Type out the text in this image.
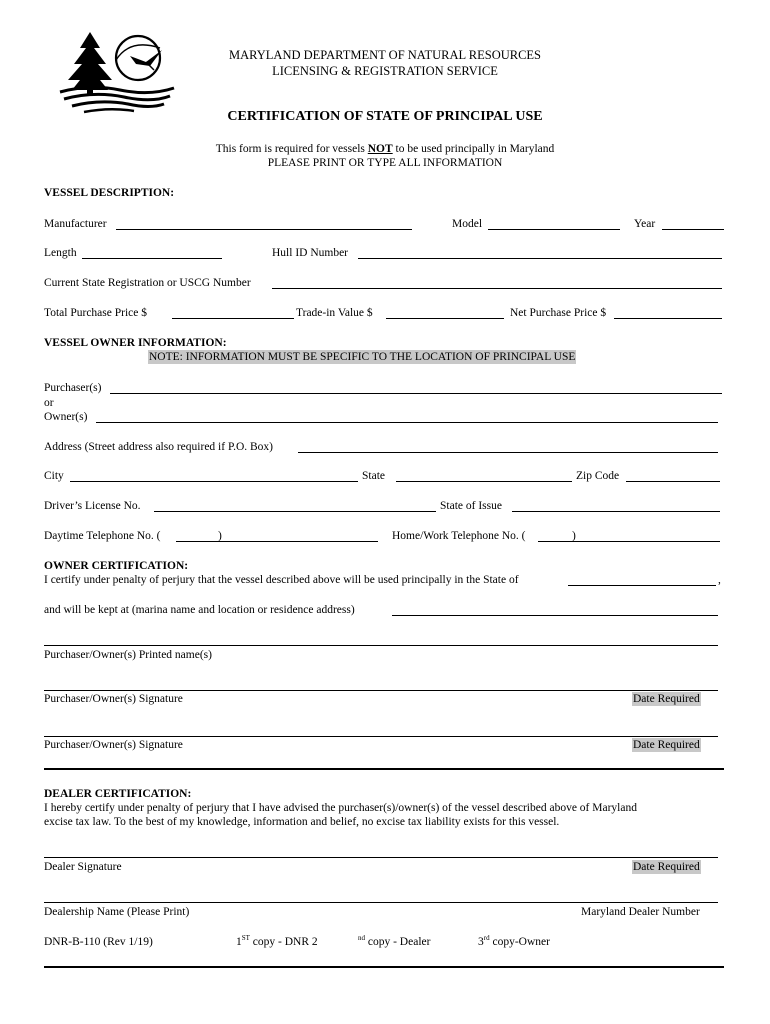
MARYLAND DEPARTMENT OF NATURAL RESOURCES
LICENSING & REGISTRATION SERVICE
CERTIFICATION OF STATE OF PRINCIPAL USE
This form is required for vessels NOT to be used principally in Maryland
PLEASE PRINT OR TYPE ALL INFORMATION
VESSEL DESCRIPTION:
Manufacturer	Model	Year
Length	Hull ID Number
Current State Registration or USCG Number
Total Purchase Price $	Trade-in Value $	Net Purchase Price $
VESSEL OWNER INFORMATION:
NOTE: INFORMATION MUST BE SPECIFIC TO THE LOCATION OF PRINCIPAL USE
Purchaser(s)
or
Owner(s)
Address (Street address also required if P.O. Box)
City	State	Zip Code
Driver’s License No.	State of Issue
Daytime Telephone No. (	)	Home/Work Telephone No. (	)
OWNER CERTIFICATION:
I certify under penalty of perjury that the vessel described above will be used principally in the State of	,
and will be kept at (marina name and location or residence address)
Purchaser/Owner(s) Printed name(s)
Purchaser/Owner(s) Signature	Date Required
Purchaser/Owner(s) Signature	Date Required
DEALER CERTIFICATION:
I hereby certify under penalty of perjury that I have advised the purchaser(s)/owner(s) of the vessel described above of Maryland
excise tax law. To the best of my knowledge, information and belief, no excise tax liability exists for this vessel.
Dealer Signature	Date Required
Dealership Name (Please Print)	Maryland Dealer Number
DNR-B-110 (Rev 1/19)	1ST copy - DNR 2	$^{nd}$ copy - Dealer	3rd copy-Owner
